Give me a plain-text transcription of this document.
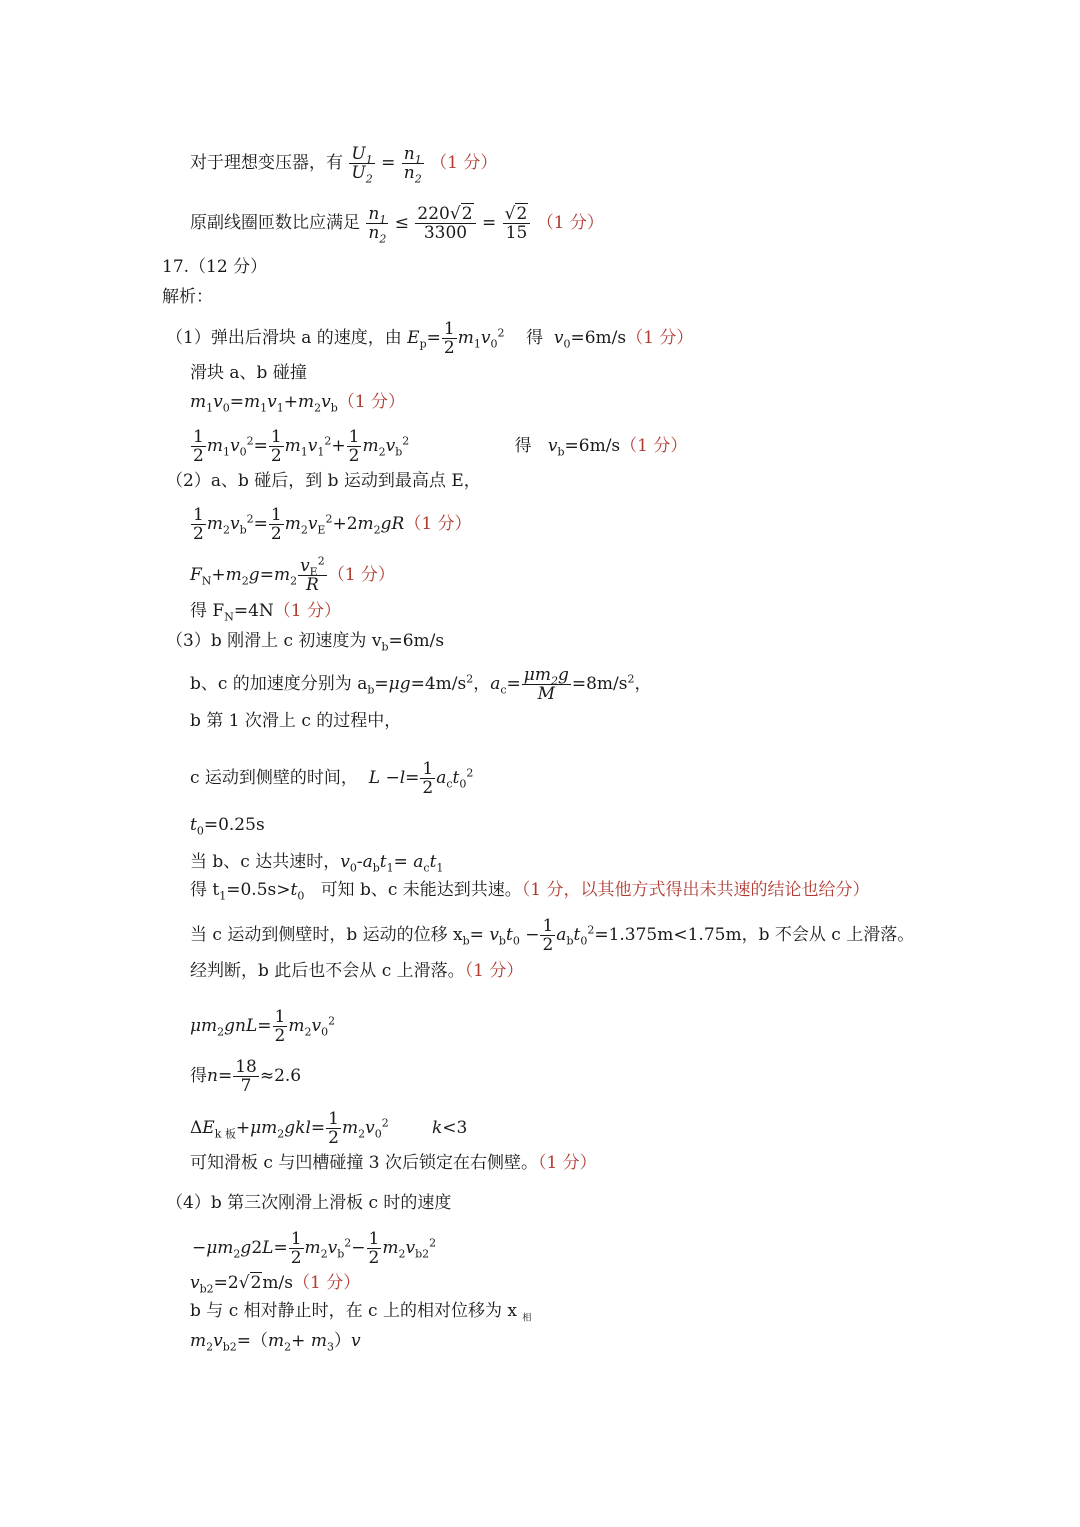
对于理想变压器，有 $\frac{U_1}{U_2} = \frac{n_1}{n_2} (1$ 分）
原副线圈匝数比应满足 $\frac{n_1}{n_2} \le \frac{220√2}{3300} = \frac{√2}{15} (1$ 分）
17.（12 分）
解析：
（1）弹出后滑块 a 的速度，由 $E_p= \frac{1}{2} m_1v_0^2$ 得 $v_0=6m/s(1$ 分）
滑块 a、b 碰撞
$m_1v_0=m_1v_1+m_2v_b(1$ 分）
$\frac{1}{2} m_1v_0^2= \frac{1}{2} m_1v_1^2+ \frac{1}{2} m_2v_b^2$	得 $v_b=6m/s(1$ 分）
（2）a、b 碰后，到 b 运动到最高点 E，
$\frac{1}{2} m_2v_b^2= \frac{1}{2} m_2v_E^2+2m_2gR(1$ 分）
$F_N+m_2g=m_2 \frac{v_E^2}{R} (1$ 分）
得 $F_N=4N(1$ 分）
（3）b 刚滑上 c 初速度为 $v_b=6m/s$
b、c 的加速度分别为 $a_b=\mu g=4m/s^2$，$a_c= \frac{\mu m_2g}{M} =8m/s^2$，
b 第 1 次滑上 c 的过程中，
c 运动到侧壁的时间， $L -l= \frac{1}{2} a_ct_0^2$
$t_0=0.25s$
当 b、c 达共速时，$v_0-a_bt_1= a_ct_1$
得 $t_1=0.5s>t_0$ 可知 b、c 未能达到共速。（1 分，以其他方式得出未共速的结论也给分）
当 c 运动到侧壁时，b 运动的位移 $x_b= v_bt_0 - \frac{1}{2} a_bt_0^2=1.375m<1.75m$，b 不会从 c 上滑落。
经判断，b 此后也不会从 c 上滑落。（1 分）
$\mu m_2gnL= \frac{1}{2} m_2v_0^2$
得$n= \frac{18}{7} \approx 2.6$
$\Delta E_{k 板}+\mu m_2gkl= \frac{1}{2} m_2v_0^2$	k<3
可知滑板 c 与凹槽碰撞 3 次后锁定在右侧壁。（1 分）
（4）b 第三次刚滑上滑板 c 时的速度
$-\mu m_2g2L= \frac{1}{2} m_2v_b^2- \frac{1}{2} m_2v_{b2}^2$
$v_{b2}=2√2m/s(1$ 分）
b 与 c 相对静止时，在 c 上的相对位移为 x $_相$
$m_2v_{b2}=(m_2+ m_3)v$
